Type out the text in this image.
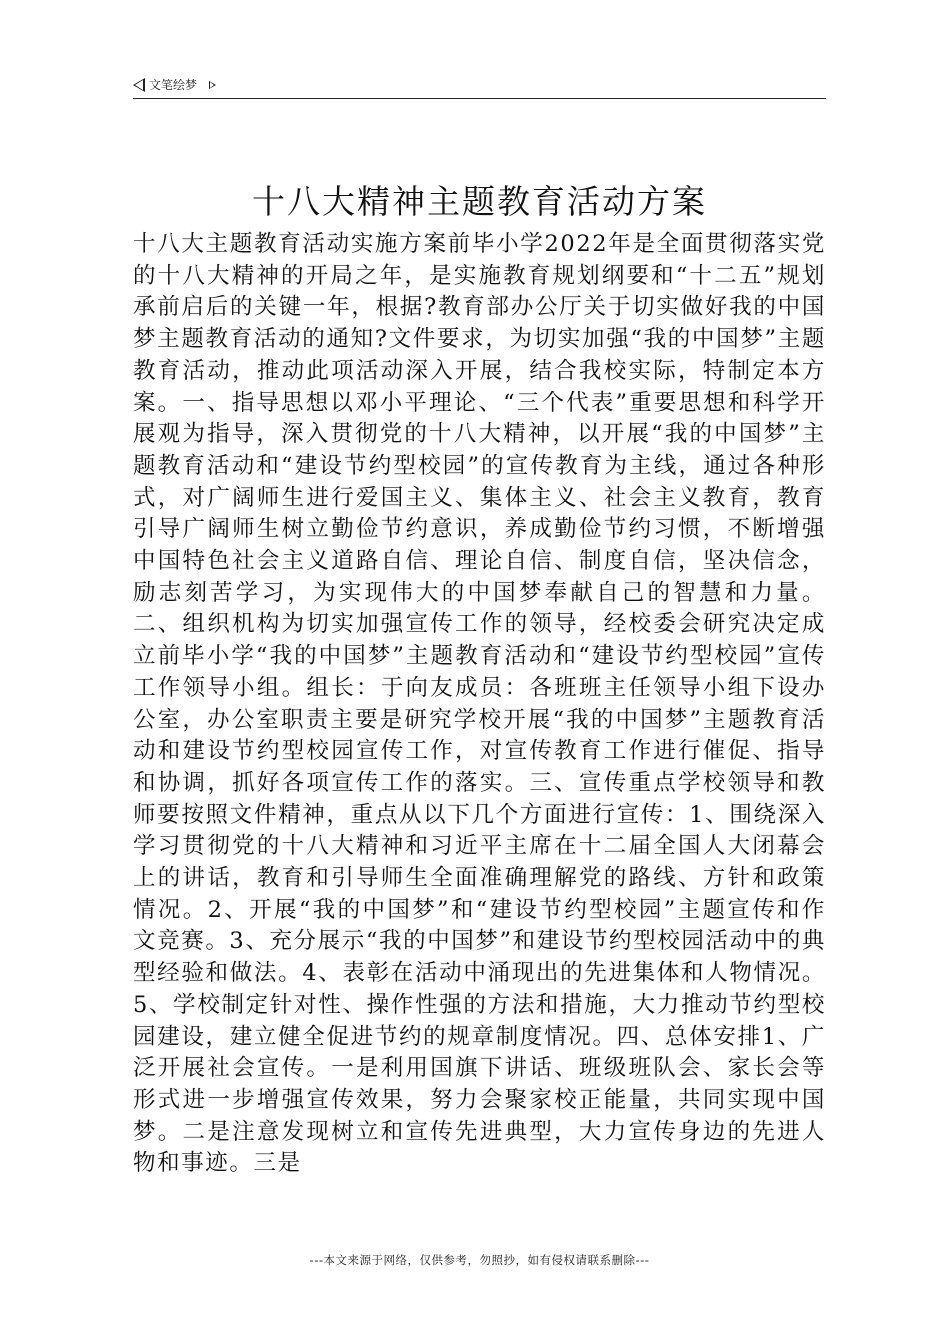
文笔绘梦
十八大精神主题教育活动方案

十八大主题教育活动实施方案前毕小学2022年是全面贯彻落实党的十八大精神的开局之年，是实施教育规划纲要和“十二五”规划承前启后的关键一年，根据?教育部办公厅关于切实做好我的中国梦主题教育活动的通知?文件要求，为切实加强“我的中国梦”主题教育活动，推动此项活动深入开展，结合我校实际，特制定本方案。一、指导思想以邓小平理论、“三个代表”重要思想和科学开展观为指导，深入贯彻党的十八大精神，以开展“我的中国梦”主题教育活动和“建设节约型校园”的宣传教育为主线，通过各种形式，对广阔师生进行爱国主义、集体主义、社会主义教育，教育引导广阔师生树立勤俭节约意识，养成勤俭节约习惯，不断增强中国特色社会主义道路自信、理论自信、制度自信，坚决信念，励志刻苦学习，为实现伟大的中国梦奉献自己的智慧和力量。二、组织机构为切实加强宣传工作的领导，经校委会研究决定成立前毕小学“我的中国梦”主题教育活动和“建设节约型校园”宣传工作领导小组。组长：于向友成员：各班班主任领导小组下设办公室，办公室职责主要是研究学校开展“我的中国梦”主题教育活动和建设节约型校园宣传工作，对宣传教育工作进行催促、指导和协调，抓好各项宣传工作的落实。三、宣传重点学校领导和教师要按照文件精神，重点从以下几个方面进行宣传：1、围绕深入学习贯彻党的十八大精神和习近平主席在十二届全国人大闭幕会上的讲话，教育和引导师生全面准确理解党的路线、方针和政策情况。2、开展“我的中国梦”和“建设节约型校园”主题宣传和作文竞赛。3、充分展示“我的中国梦”和建设节约型校园活动中的典型经验和做法。4、表彰在活动中涌现出的先进集体和人物情况。5、学校制定针对性、操作性强的方法和措施，大力推动节约型校园建设，建立健全促进节约的规章制度情况。四、总体安排1、广泛开展社会宣传。一是利用国旗下讲话、班级班队会、家长会等形式进一步增强宣传效果，努力会聚家校正能量，共同实现中国梦。二是注意发现树立和宣传先进典型，大力宣传身边的先进人物和事迹。三是

---本文来源于网络，仅供参考，勿照抄，如有侵权请联系删除---
